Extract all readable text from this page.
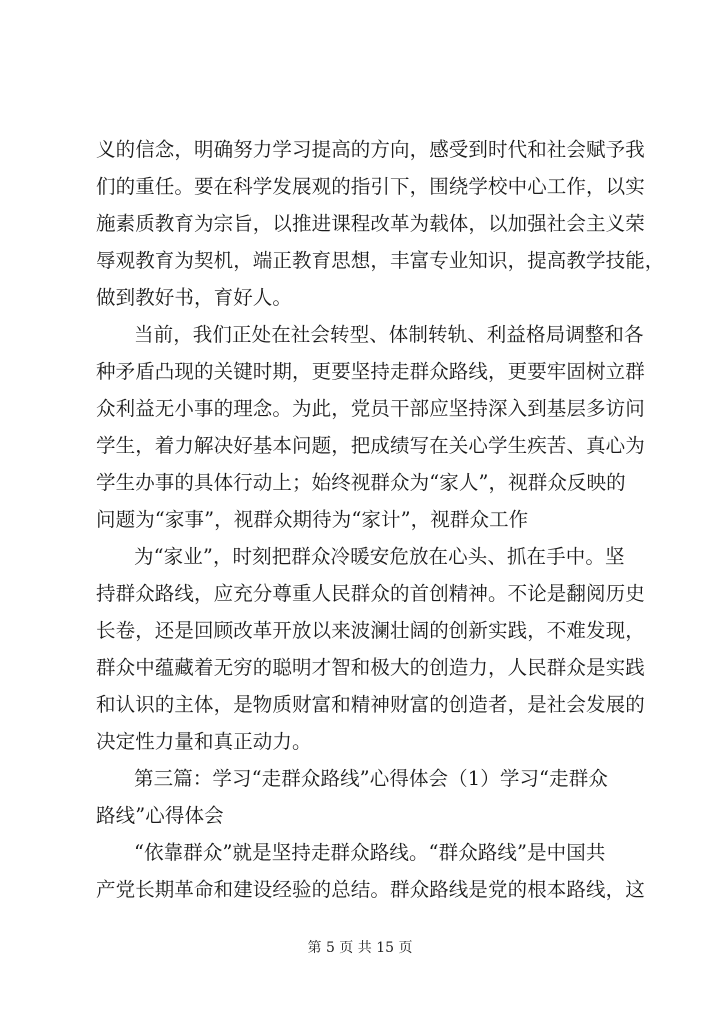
义的信念，明确努力学习提高的方向，感受到时代和社会赋予我
们的重任。要在科学发展观的指引下，围绕学校中心工作，以实
施素质教育为宗旨，以推进课程改革为载体，以加强社会主义荣
辱观教育为契机，端正教育思想，丰富专业知识，提高教学技能，
做到教好书，育好人。
当前，我们正处在社会转型、体制转轨、利益格局调整和各
种矛盾凸现的关键时期，更要坚持走群众路线，更要牢固树立群
众利益无小事的理念。为此，党员干部应坚持深入到基层多访问
学生，着力解决好基本问题，把成绩写在关心学生疾苦、真心为
学生办事的具体行动上；始终视群众为“家人”，视群众反映的
问题为“家事”，视群众期待为“家计”，视群众工作
为“家业”，时刻把群众冷暖安危放在心头、抓在手中。坚
持群众路线，应充分尊重人民群众的首创精神。不论是翻阅历史
长卷，还是回顾改革开放以来波澜壮阔的创新实践，不难发现，
群众中蕴藏着无穷的聪明才智和极大的创造力，人民群众是实践
和认识的主体，是物质财富和精神财富的创造者，是社会发展的
决定性力量和真正动力。
第三篇：学习“走群众路线”心得体会（1）学习“走群众
路线”心得体会
“依靠群众”就是坚持走群众路线。“群众路线”是中国共
产党长期革命和建设经验的总结。群众路线是党的根本路线，这
第 5 页 共 15 页
